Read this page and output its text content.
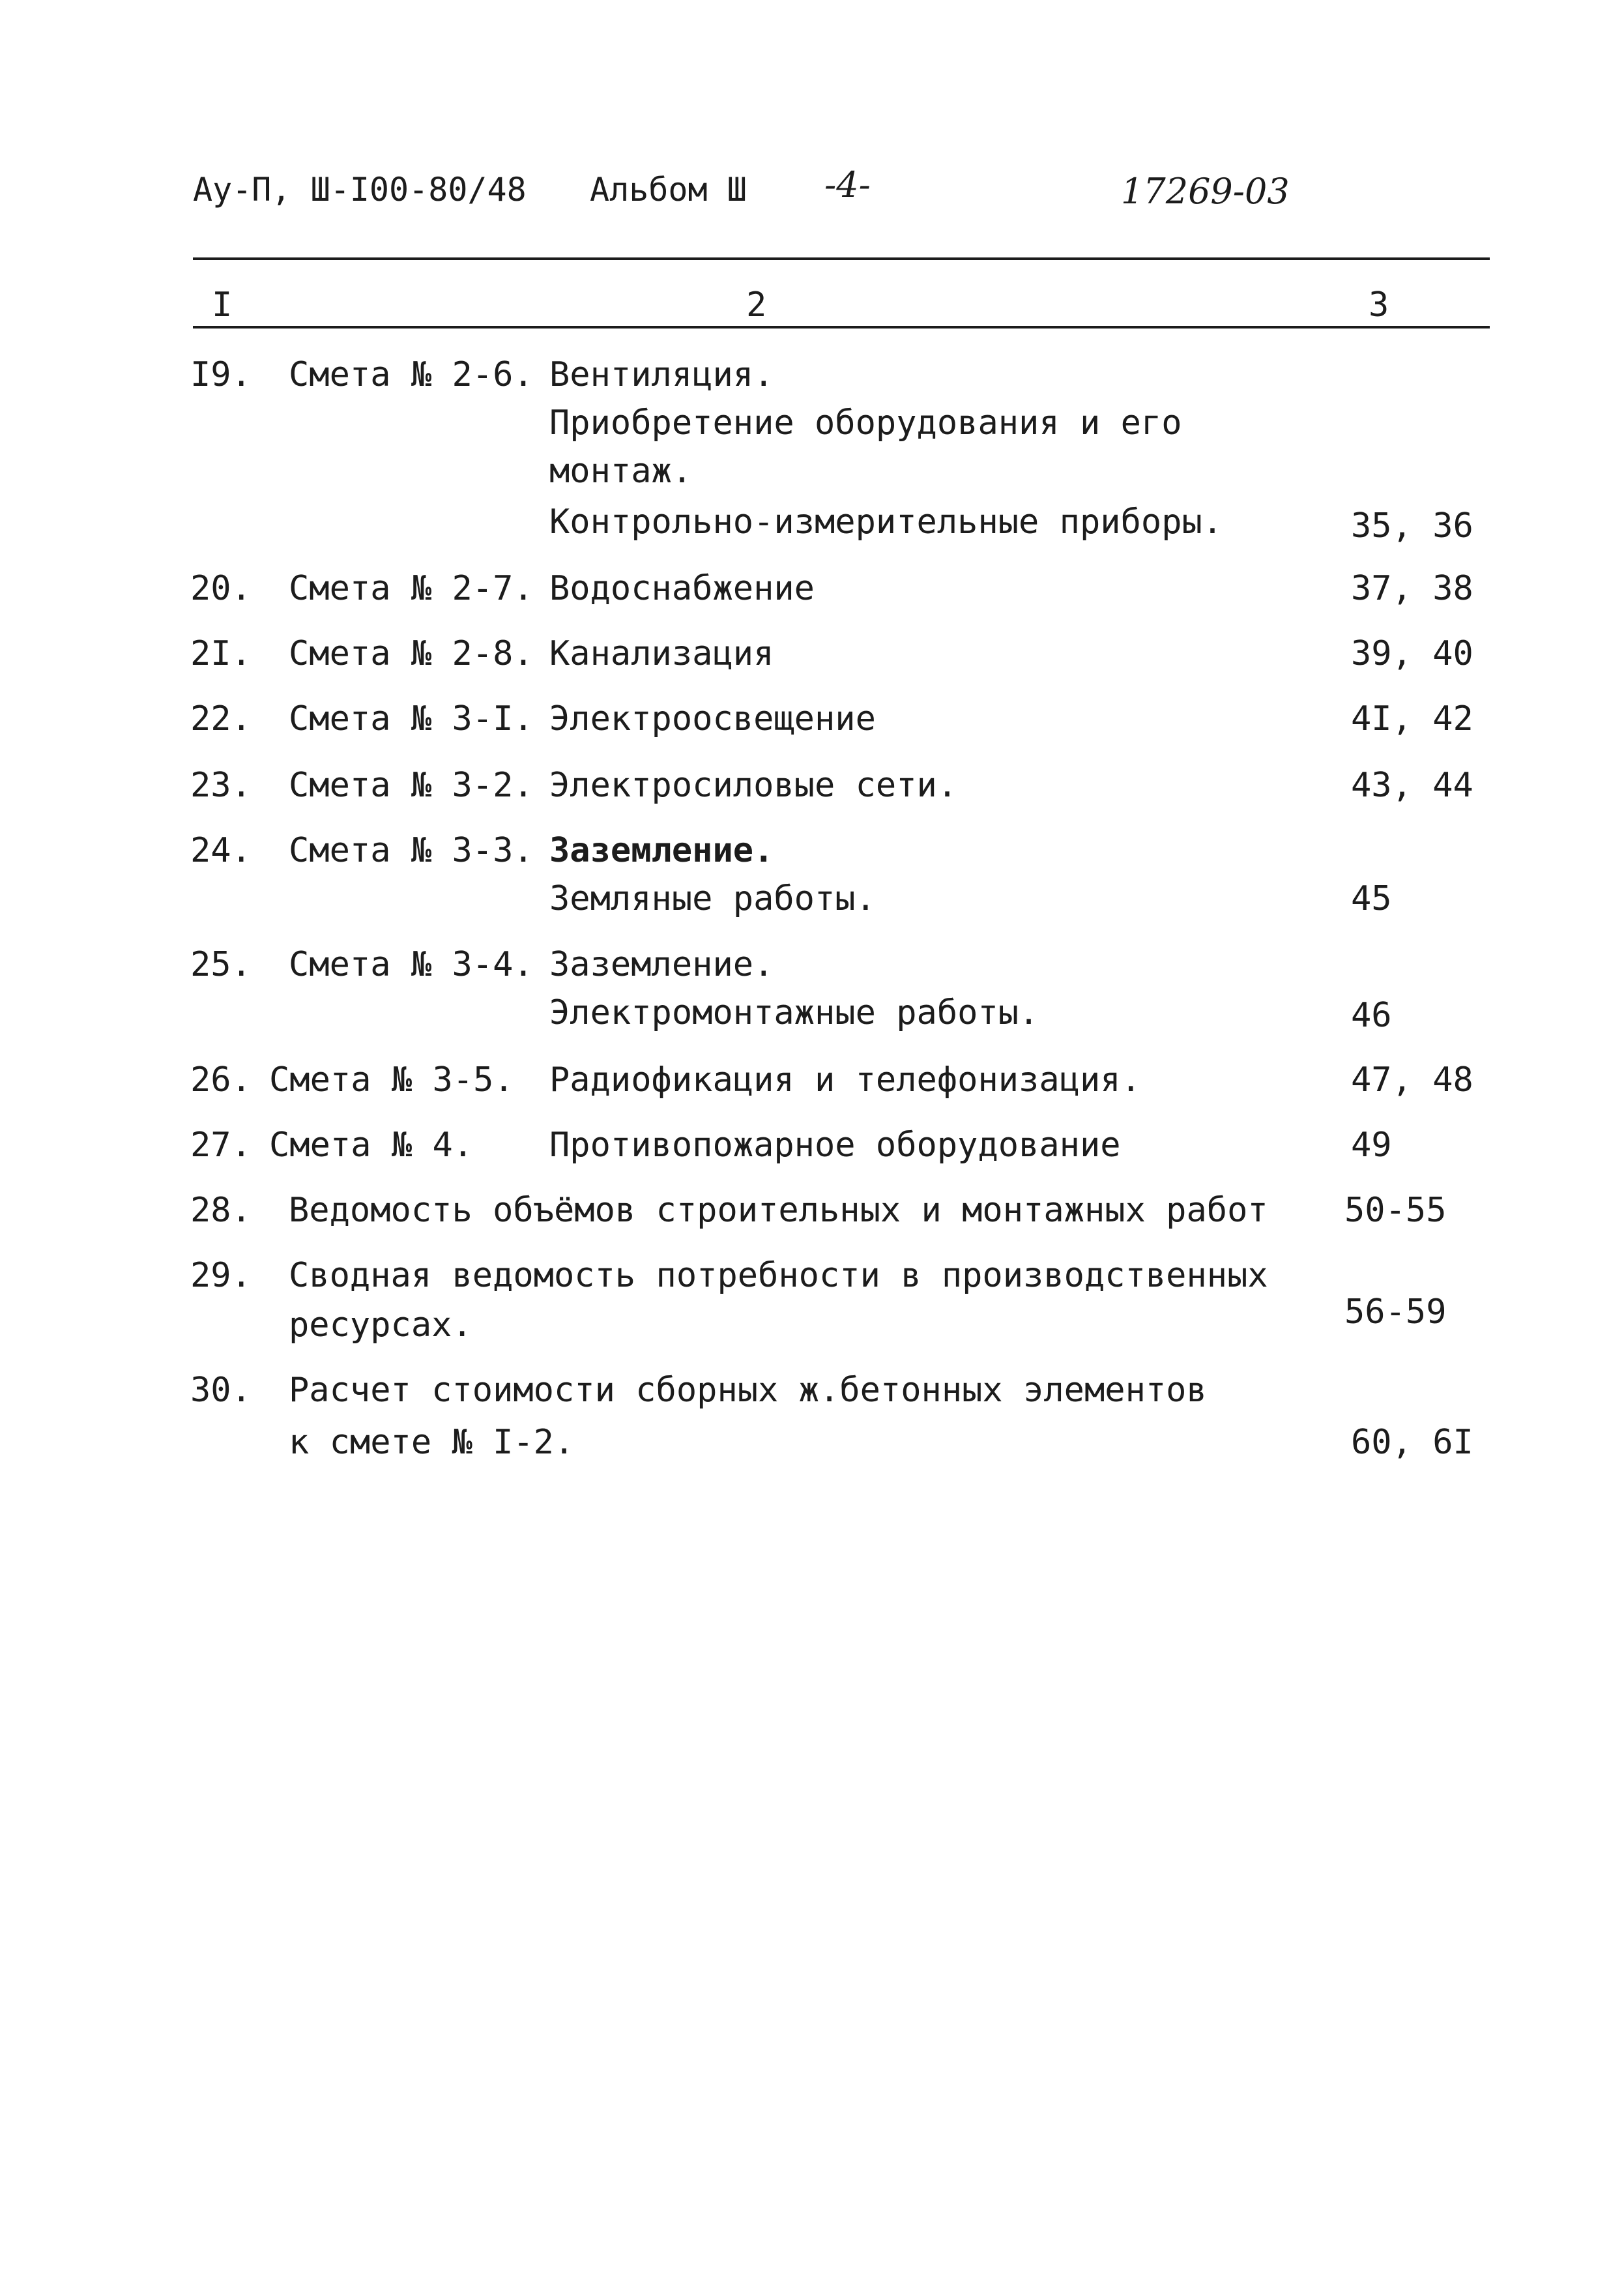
Ау-П, Ш-I00-80/48 Альбом Ш -4-	17269-03
I	2	3
I9. Смета № 2-6. Вентиляция.
Приобретение оборудования и его
монтаж.
Контрольно-измерительные приборы.	35, 36
20. Смета № 2-7. Водоснабжение	37, 38
2I. Смета № 2-8. Канализация	39, 40
22. Смета № 3-I. Электроосвещение	4I, 42
23. Смета № 3-2. Электросиловые сети.	43, 44
24. Смета № 3-3. Заземление.
Земляные работы.	45
25. Смета № 3-4. Заземление.
Электромонтажные работы.	46
26. Смета № 3-5. Радиофикация и телефонизация.	47, 48
27. Смета № 4. Противопожарное оборудование	49
28. Ведомость объёмов строительных и монтажных работ 50-55
29. Сводная ведомость потребности в производственных
ресурсах.	56-59
30. Расчет стоимости сборных ж.бетонных элементов
к смете № I-2.	60, 6I
